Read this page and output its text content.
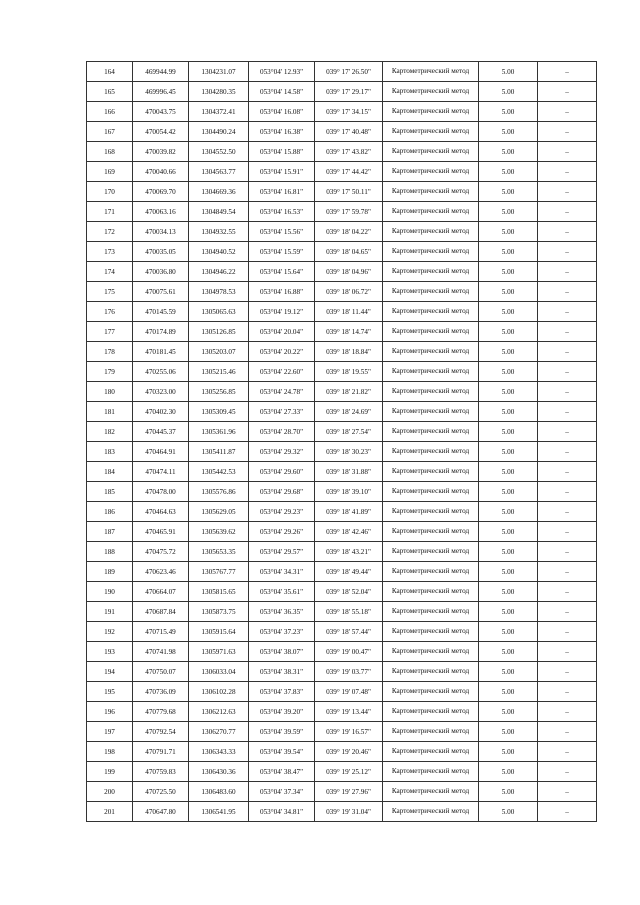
164	469944.99	1304231.07	053°04' 12.93"	039° 17' 26.50"	Картометрический метод	5.00	–
165	469996.45	1304280.35	053°04' 14.58"	039° 17' 29.17"	Картометрический метод	5.00	–
166	470043.75	1304372.41	053°04' 16.08"	039° 17' 34.15"	Картометрический метод	5.00	–
167	470054.42	1304490.24	053°04' 16.38"	039° 17' 40.48"	Картометрический метод	5.00	–
168	470039.82	1304552.50	053°04' 15.88"	039° 17' 43.82"	Картометрический метод	5.00	–
169	470040.66	1304563.77	053°04' 15.91"	039° 17' 44.42"	Картометрический метод	5.00	–
170	470069.70	1304669.36	053°04' 16.81"	039° 17' 50.11"	Картометрический метод	5.00	–
171	470063.16	1304849.54	053°04' 16.53"	039° 17' 59.78"	Картометрический метод	5.00	–
172	470034.13	1304932.55	053°04' 15.56"	039° 18' 04.22"	Картометрический метод	5.00	–
173	470035.05	1304940.52	053°04' 15.59"	039° 18' 04.65"	Картометрический метод	5.00	–
174	470036.80	1304946.22	053°04' 15.64"	039° 18' 04.96"	Картометрический метод	5.00	–
175	470075.61	1304978.53	053°04' 16.88"	039° 18' 06.72"	Картометрический метод	5.00	–
176	470145.59	1305065.63	053°04' 19.12"	039° 18' 11.44"	Картометрический метод	5.00	–
177	470174.89	1305126.85	053°04' 20.04"	039° 18' 14.74"	Картометрический метод	5.00	–
178	470181.45	1305203.07	053°04' 20.22"	039° 18' 18.84"	Картометрический метод	5.00	–
179	470255.06	1305215.46	053°04' 22.60"	039° 18' 19.55"	Картометрический метод	5.00	–
180	470323.00	1305256.85	053°04' 24.78"	039° 18' 21.82"	Картометрический метод	5.00	–
181	470402.30	1305309.45	053°04' 27.33"	039° 18' 24.69"	Картометрический метод	5.00	–
182	470445.37	1305361.96	053°04' 28.70"	039° 18' 27.54"	Картометрический метод	5.00	–
183	470464.91	1305411.87	053°04' 29.32"	039° 18' 30.23"	Картометрический метод	5.00	–
184	470474.11	1305442.53	053°04' 29.60"	039° 18' 31.88"	Картометрический метод	5.00	–
185	470478.00	1305576.86	053°04' 29.68"	039° 18' 39.10"	Картометрический метод	5.00	–
186	470464.63	1305629.05	053°04' 29.23"	039° 18' 41.89"	Картометрический метод	5.00	–
187	470465.91	1305639.62	053°04' 29.26"	039° 18' 42.46"	Картометрический метод	5.00	–
188	470475.72	1305653.35	053°04' 29.57"	039° 18' 43.21"	Картометрический метод	5.00	–
189	470623.46	1305767.77	053°04' 34.31"	039° 18' 49.44"	Картометрический метод	5.00	–
190	470664.07	1305815.65	053°04' 35.61"	039° 18' 52.04"	Картометрический метод	5.00	–
191	470687.84	1305873.75	053°04' 36.35"	039° 18' 55.18"	Картометрический метод	5.00	–
192	470715.49	1305915.64	053°04' 37.23"	039° 18' 57.44"	Картометрический метод	5.00	–
193	470741.98	1305971.63	053°04' 38.07"	039° 19' 00.47"	Картометрический метод	5.00	–
194	470750.07	1306033.04	053°04' 38.31"	039° 19' 03.77"	Картометрический метод	5.00	–
195	470736.09	1306102.28	053°04' 37.83"	039° 19' 07.48"	Картометрический метод	5.00	–
196	470779.68	1306212.63	053°04' 39.20"	039° 19' 13.44"	Картометрический метод	5.00	–
197	470792.54	1306270.77	053°04' 39.59"	039° 19' 16.57"	Картометрический метод	5.00	–
198	470791.71	1306343.33	053°04' 39.54"	039° 19' 20.46"	Картометрический метод	5.00	–
199	470759.83	1306430.36	053°04' 38.47"	039° 19' 25.12"	Картометрический метод	5.00	–
200	470725.50	1306483.60	053°04' 37.34"	039° 19' 27.96"	Картометрический метод	5.00	–
201	470647.80	1306541.95	053°04' 34.81"	039° 19' 31.04"	Картометрический метод	5.00	–
